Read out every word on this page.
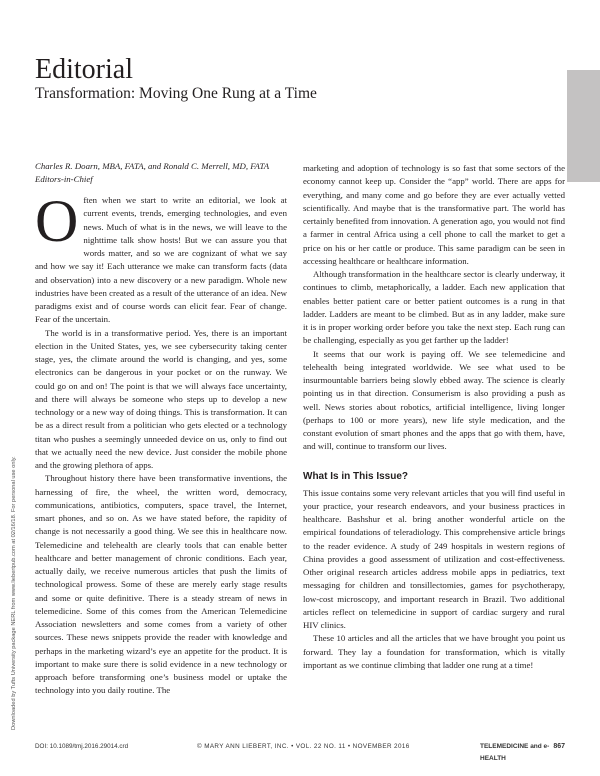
Downloaded by Tufts University package NERL from www.liebertpub.com at 02/16/18. For personal use only.
Editorial
Transformation: Moving One Rung at a Time
Charles R. Doarn, MBA, FATA, and Ronald C. Merrell, MD, FATA
Editors-in-Chief

Often when we start to write an editorial, we look at current events, trends, emerging technologies, and even news. Much of what is in the news, we will leave to the nighttime talk show hosts! But we can assure you that words matter, and so we are cognizant of what we say and how we say it! Each utterance we make can transform facts (data and observation) into a new discovery or a new paradigm. Whole new industries have been created as a result of the utterance of an idea. New paradigms exist and of course words can elicit fear. Fear of change. Fear of the uncertain.

The world is in a transformative period. Yes, there is an important election in the United States, yes, we see cybersecurity taking center stage, yes, the climate around the world is changing, and yes, some electronics can be dangerous in your pocket or on the runway. We could go on and on! The point is that we will always face uncertainty, and there will always be someone who steps up to develop a new technology or a new way of doing things. This is transformation. It can be as a direct result from a politician who gets elected or a technology titan who pushes a seemingly unneeded device on us, only to find out that we actually need the new device. Just consider the mobile phone and the growing plethora of apps.

Throughout history there have been transformative inventions, the harnessing of fire, the wheel, the written word, democracy, communications, antibiotics, computers, space travel, the Internet, smart phones, and so on. As we have stated before, the rapidity of change is not necessarily a good thing. We see this in healthcare now. Telemedicine and telehealth are clearly tools that can enable better healthcare and better management of chronic conditions. Each year, actually daily, we receive numerous articles that push the limits of technological prowess. Some of these are merely early stage results and some or quite definitive. There is a steady stream of news in telemedicine. Some of this comes from the American Telemedicine Association newsletters and some comes from a variety of other sources. These news snippets provide the reader with knowledge and perhaps in the marketing wizard’s eye an appetite for the product. It is important to make sure there is solid evidence in a new technology or approach before transforming one’s business model or uptake the technology into you daily routine. The

marketing and adoption of technology is so fast that some sectors of the economy cannot keep up. Consider the “app” world. There are apps for everything, and many come and go before they are ever actually vetted scientifically. And maybe that is the transformative part. The world has certainly benefited from innovation. A generation ago, you would not find a farmer in central Africa using a cell phone to call the market to get a price on his or her cattle or produce. This same paradigm can be seen in accessing healthcare or healthcare information.

Although transformation in the healthcare sector is clearly underway, it continues to climb, metaphorically, a ladder. Each new application that enables better patient care or better patient outcomes is a rung in that ladder. Ladders are meant to be climbed. But as in any ladder, make sure it is in proper working order before you take the next step. Each rung can be challenging, especially as you get farther up the ladder!

It seems that our work is paying off. We see telemedicine and telehealth being integrated worldwide. We see what used to be insurmountable barriers being slowly ebbed away. The science is clearly pointing us in that direction. Consumerism is also providing a push as well. News stories about robotics, artificial intelligence, living longer (perhaps to 100 or more years), new life style medication, and the constant evolution of smart phones and the apps that go with them, have, and will, continue to transform our lives.

What Is in This Issue?

This issue contains some very relevant articles that you will find useful in your practice, your research endeavors, and your business practices in healthcare. Bashshur et al. bring another wonderful article on the empirical foundations of teleradiology. This comprehensive article brings to the reader evidence. A study of 249 hospitals in western regions of China provides a good assessment of utilization and cost-effectiveness. Other original research articles address mobile apps in pediatrics, text messaging for children and tonsillectomies, games for psychotherapy, low-cost microscopy, and important research in Brazil. Two additional articles reflect on telemedicine in support of cardiac surgery and rural HIV clinics.

These 10 articles and all the articles that we have brought you point us forward. They lay a foundation for transformation, which is vitally important as we continue climbing that ladder one rung at a time!

DOI: 10.1089/tmj.2016.29014.crd	© MARY ANN LIEBERT, INC. • VOL. 22 NO. 11 • NOVEMBER 2016	TELEMEDICINE and e-HEALTH
867
